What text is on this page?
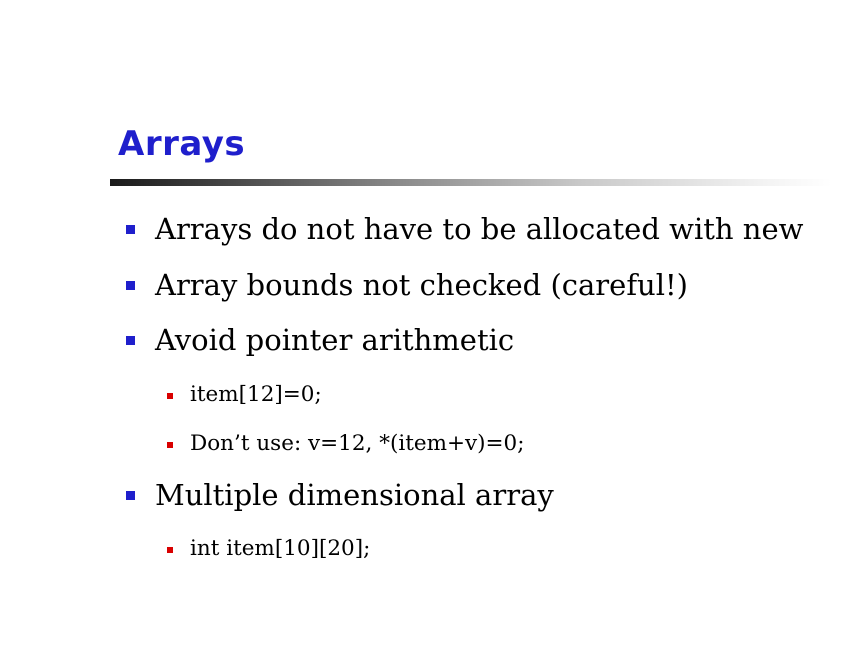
Arrays
Arrays do not have to be allocated with new
Array bounds not checked (careful!)
Avoid pointer arithmetic
item[12]=0;
Don’t use: v=12, *(item+v)=0;
Multiple dimensional array
int item[10][20];
